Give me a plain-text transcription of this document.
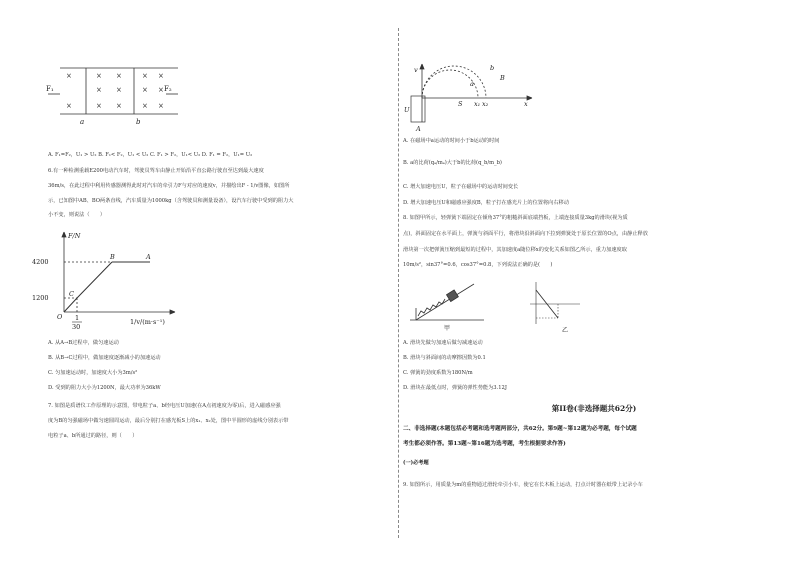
×	× ×	× ×
× ×	× ×
×	× ×	× ×
F₁	F₂
a	b
A. F₁=F₂，U₁ > U₂ B. F₁< F₂，U₁ < U₂ C. F₁ > F₂，U₁< U₂ D. F₁ = F₂，U₁= U₂
6.有一种检测重载E200电动汽车时，驾驶员驾车由静止开始沿平直公路行驶直至达到最大速度
36m/s，在此过程中利用传感器测得此时对汽车的牵引力F与对应的速度v，并描绘出F - 1/v图像，如图所
示，已知图中AB、BO两条直线，汽车质量为1000kg（含驾驶员和测量设备），设汽车行驶中受到的阻力大
小不变，则说法（　　）
F/N
4200
1200
O
C
B	A
1
30
1/v/(m·s⁻¹)
A. 从A→B过程中，做匀速运动
B. 从B→C过程中，做加速度逐渐减小的加速运动
C. 匀加速运动时，加速度大小为3m/s²
D. 受到的阻力大小为1200N，最大功率为36kW
7. 如图是质谱仪工作原理的示意图，带电粒子a、b经电压U加速(在A点初速度为零)后，进入磁感应强
度为B的匀强磁场中做匀速圆周运动，最后分别打在感光板S上的x₁、x₂处，图中半圆形的虚线分别表示带
电粒子a、b所通过的路径，则（　　）
v
U
A
S x₁ x₂	x
B
a
b
A. 在磁场中a运动的时间小于b运动的时间
B. a的比荷(qₐ/mₐ)大于b的比荷(q_b/m_b)
C. 增大加速电压U，粒子在磁场中的运动时间变长
D. 增大加速电压U和磁感应强度B，粒子打在感光片上的位置将向右移动
8. 如图甲所示，轻弹簧下端固定在倾角37°的粗糙斜面底端挡板，上端连接质量3kg的滑块(视为质
点)，斜面固定在水平面上，弹簧与斜面平行，将滑块沿斜面向下拉到弹簧处于原长位置的O点，由静止释放
滑块第一次把弹簧压缩到最短的过程中，其加速度a随位移x的变化关系如图乙所示，重力加速度取
10m/s²，sin37°=0.6，cos37°=0.8，下列说法正确的是(　　)
甲	乙
A. 滑块先做匀加速后做匀减速运动
B. 滑块与斜面间的动摩擦因数为0.1
C. 弹簧的劲度系数为180N/m
D. 滑块在最低点时，弹簧的弹性势能为3.12J
第II卷(非选择题共62分)
二、非选择题(本题包括必考题和选考题两部分，共62分。第9题~第12题为必考题，每个试题
考生都必须作答。第13题~第16题为选考题，考生根据要求作答)
(一)必考题
9. 如图所示，用质量为m的重物通过滑轮牵引小车，使它在长木板上运动，打点计时器在纸带上记录小车
